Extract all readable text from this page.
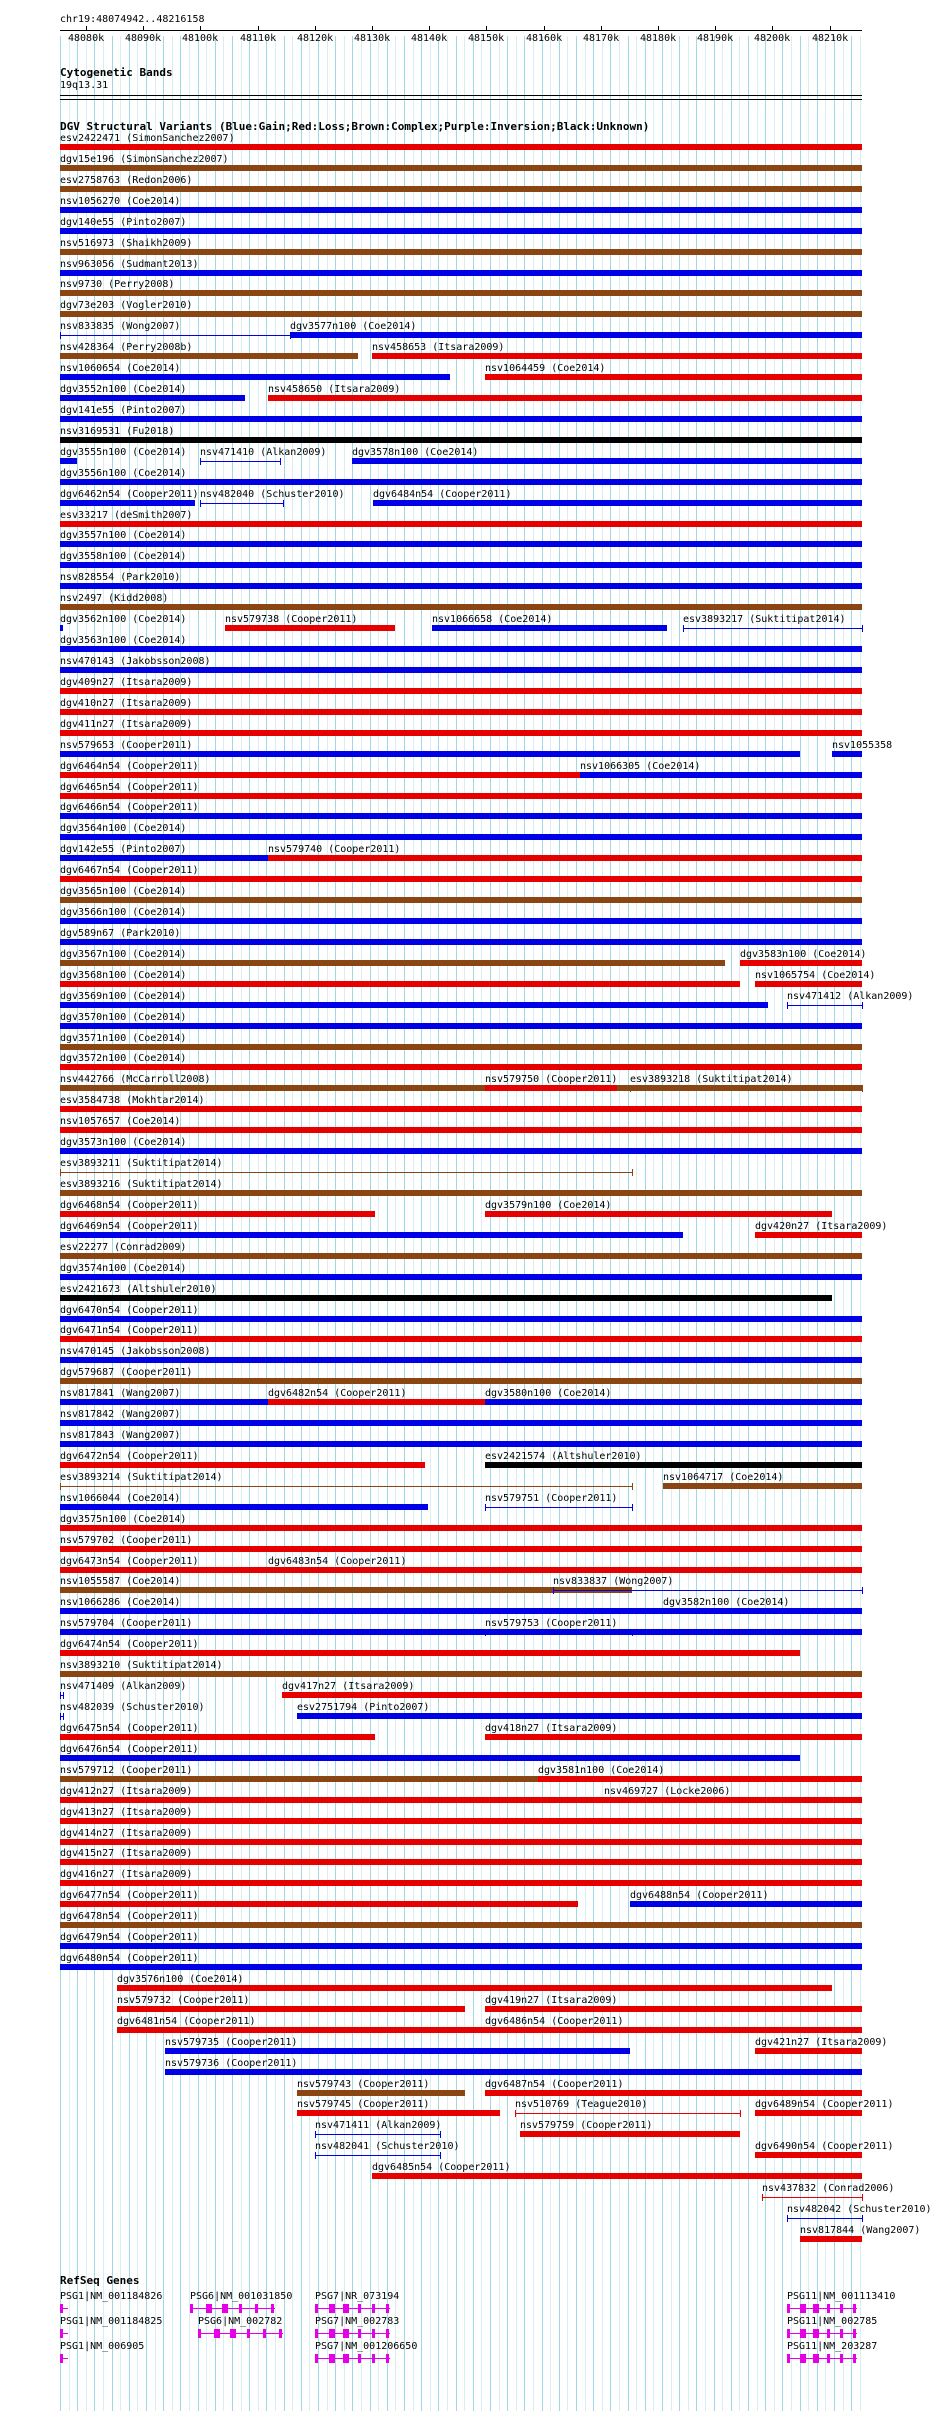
chr19:48074942..48216158
48080k 48090k 48100k 48110k 48120k 48130k 48140k 48150k 48160k 48170k 48180k 48190k 48200k 48210k
Cytogenetic Bands
19q13.31
DGV Structural Variants (Blue:Gain;Red:Loss;Brown:Complex;Purple:Inversion;Black:Unknown)
esv2422471 (SimonSanchez2007)
dgv15e196 (SimonSanchez2007)
esv2758763 (Redon2006)
nsv1056270 (Coe2014)
dgv140e55 (Pinto2007)
nsv516973 (Shaikh2009)
nsv963056 (Sudmant2013)
nsv9730 (Perry2008)
dgv73e203 (Vogler2010)
nsv833835 (Wong2007)	dgv3577n100 (Coe2014)
nsv428364 (Perry2008b)	nsv458653 (Itsara2009)
nsv1060654 (Coe2014)	nsv1064459 (Coe2014)
dgv3552n100 (Coe2014)	nsv458650 (Itsara2009)
dgv141e55 (Pinto2007)
nsv3169531 (Fu2018)
dgv3555n100 (Coe2014) nsv471410 (Alkan2009)	dgv3578n100 (Coe2014)
dgv3556n100 (Coe2014)
dgv6462n54 (Cooper2011) nsv482040 (Schuster2010)	dgv6484n54 (Cooper2011)
esv33217 (deSmith2007)
dgv3557n100 (Coe2014)
dgv3558n100 (Coe2014)
nsv828554 (Park2010)
nsv2497 (Kidd2008)
dgv3562n100 (Coe2014)	nsv579738 (Cooper2011)	nsv1066658 (Coe2014)	esv3893217 (Suktitipat2014)
dgv3563n100 (Coe2014)
nsv470143 (Jakobsson2008)
dgv409n27 (Itsara2009)
dgv410n27 (Itsara2009)
dgv411n27 (Itsara2009)
nsv579653 (Cooper2011)	nsv1055358
dgv6464n54 (Cooper2011)	nsv1066305 (Coe2014)
dgv6465n54 (Cooper2011)
dgv6466n54 (Cooper2011)
dgv3564n100 (Coe2014)
dgv142e55 (Pinto2007)	nsv579740 (Cooper2011)
dgv6467n54 (Cooper2011)
dgv3565n100 (Coe2014)
dgv3566n100 (Coe2014)
dgv589n67 (Park2010)
dgv3567n100 (Coe2014)	dgv3583n100 (Coe2014)
dgv3568n100 (Coe2014)	nsv1065754 (Coe2014)
dgv3569n100 (Coe2014)	nsv471412 (Alkan2009)
dgv3570n100 (Coe2014)
dgv3571n100 (Coe2014)
dgv3572n100 (Coe2014)
nsv442766 (McCarroll2008)	nsv579750 (Cooper2011) esv3893218 (Suktitipat2014)
esv3584738 (Mokhtar2014)
nsv1057657 (Coe2014)
dgv3573n100 (Coe2014)
esv3893211 (Suktitipat2014)
esv3893216 (Suktitipat2014)
dgv6468n54 (Cooper2011)	dgv3579n100 (Coe2014)
dgv6469n54 (Cooper2011)	dgv420n27 (Itsara2009)
esv22277 (Conrad2009)
dgv3574n100 (Coe2014)
esv2421673 (Altshuler2010)
dgv6470n54 (Cooper2011)
dgv6471n54 (Cooper2011)
nsv470145 (Jakobsson2008)
dgv579687 (Cooper2011)
nsv817841 (Wang2007)	dgv6482n54 (Cooper2011)	dgv3580n100 (Coe2014)
nsv817842 (Wang2007)
nsv817843 (Wang2007)
dgv6472n54 (Cooper2011)	esv2421574 (Altshuler2010)
esv3893214 (Suktitipat2014)	nsv1064717 (Coe2014)
nsv1066044 (Coe2014)	nsv579751 (Cooper2011)
dgv3575n100 (Coe2014)
nsv579702 (Cooper2011)
dgv6473n54 (Cooper2011)	dgv6483n54 (Cooper2011)
nsv1055587 (Coe2014)	nsv833837 (Wong2007)
nsv1066286 (Coe2014)	dgv3582n100 (Coe2014)
nsv579704 (Cooper2011)	nsv579753 (Cooper2011)
dgv6474n54 (Cooper2011)
nsv3893210 (Suktitipat2014)
nsv471409 (Alkan2009)	dgv417n27 (Itsara2009)
nsv482039 (Schuster2010)	esv2751794 (Pinto2007)
dgv6475n54 (Cooper2011)	dgv418n27 (Itsara2009)
dgv6476n54 (Cooper2011)
nsv579712 (Cooper2011)	dgv3581n100 (Coe2014)
dgv412n27 (Itsara2009)	nsv469727 (Locke2006)
dgv413n27 (Itsara2009)
dgv414n27 (Itsara2009)
dgv415n27 (Itsara2009)
dgv416n27 (Itsara2009)
dgv6477n54 (Cooper2011)	dgv6488n54 (Cooper2011)
dgv6478n54 (Cooper2011)
dgv6479n54 (Cooper2011)
dgv6480n54 (Cooper2011)
dgv3576n100 (Coe2014)
nsv579732 (Cooper2011)	dgv419n27 (Itsara2009)
dgv6481n54 (Cooper2011)	dgv6486n54 (Cooper2011)
nsv579735 (Cooper2011)	dgv421n27 (Itsara2009)
nsv579736 (Cooper2011)
nsv579743 (Cooper2011)	dgv6487n54 (Cooper2011)
nsv579745 (Cooper2011)	nsv510769 (Teague2010)	dgv6489n54 (Cooper2011)
nsv471411 (Alkan2009)	nsv579759 (Cooper2011)
nsv482041 (Schuster2010)	dgv6490n54 (Cooper2011)
dgv6485n54 (Cooper2011)
nsv437832 (Conrad2006)
nsv482042 (Schuster2010)
nsv817844 (Wang2007)
RefSeq Genes
PSG1|NM_001184826	PSG6|NM_001031850 PSG7|NR_073194	PSG11|NM_001113410
PSG1|NM_001184825	PSG6|NM_002782	PSG7|NM_002783	PSG11|NM_002785
PSG1|NM_006905	PSG7|NM_001206650	PSG11|NM_203287
